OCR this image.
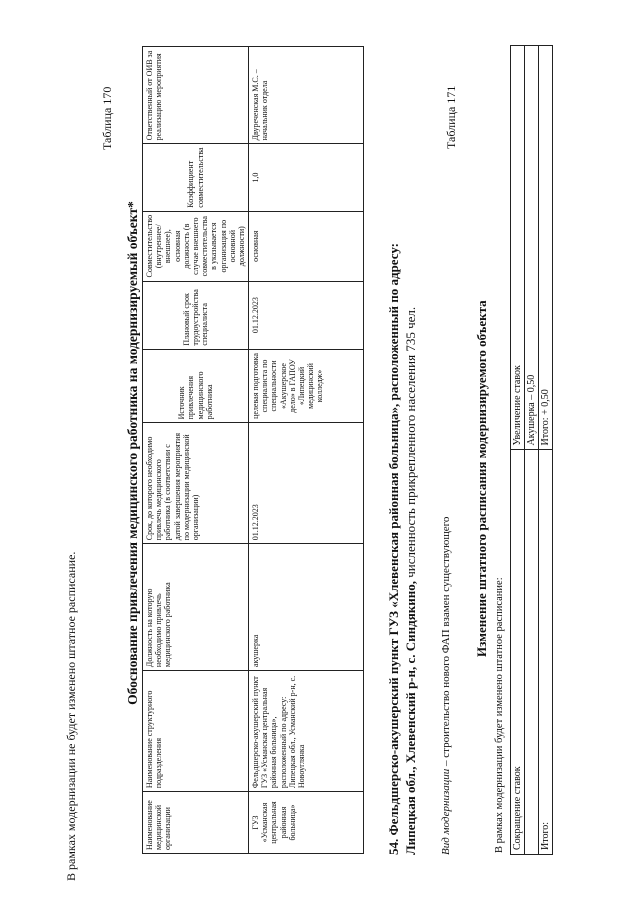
В рамках модернизации не будет изменено штатное расписание.
Таблица 170
Обоснование привлечения медицинского работника на модернизируемый объект*
Наименование медицинской организации	Наименование структурного подразделения	Должность на которую необходимо привлечь медицинского работника	Срок, до которого необходимо привлечь медицинского работника (в соответствии с датой завершения мероприятия по модернизации медицинской организации)	Источник привлечения медицинского работника	Плановый срок трудоустройства специалиста	Совместительство (внутреннее/внешнее), основная должность (в случае внешнего совместительства в указывается организация по основной должности)	Коэффициент совместительства	Ответственный от ОИВ за реализацию мероприятия
ГУЗ «Усманская центральная районная больница»	Фельдшерско-акушерский пункт ГУЗ «Усманская центральная районная больница», расположенный по адресу: Липецкая обл., Усманский р-н, с. Новоуглянка	акушерка	01.12.2023	целевая подготовка специалиста по специальности «Акушерское дело» в ГАПОУ «Липецкий медицинский колледж»	01.12.2023	основная	1,0	Двуреченская М.С. – начальник отдела
54. Фельдшерско-акушерский пункт ГУЗ «Хлевенская районная больница», расположенный по адресу: Липецкая обл., Хлевенский р-н, с. Синдякино, численность прикрепленного населения 735 чел.
Вид модернизации – строительство нового ФАП взамен существующего
Таблица 171
Изменение штатного расписания модернизируемого объекта
В рамках модернизации будет изменено штатное расписание: Сокращение ставок	Увеличение ставок
	Акушерка – 0,50
Итого:	Итого: + 0,50
